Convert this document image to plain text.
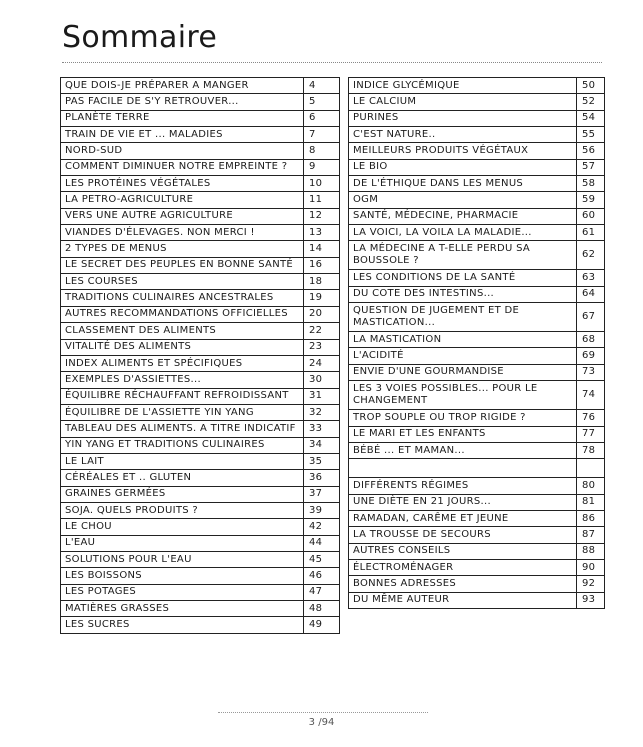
Sommaire
QUE DOIS-JE PRÉPARER A MANGER	4
PAS FACILE DE S'Y RETROUVER...	5
PLANÈTE TERRE	6
TRAIN DE VIE ET ... MALADIES	7
NORD-SUD	8
COMMENT DIMINUER NOTRE EMPREINTE ?	9
LES PROTÉINES VÉGÉTALES	10
LA PETRO-AGRICULTURE	11
VERS UNE AUTRE AGRICULTURE	12
VIANDES D'ÉLEVAGES. NON MERCI !	13
2 TYPES DE MENUS	14
LE SECRET DES PEUPLES EN BONNE SANTÉ	16
LES COURSES	18
TRADITIONS CULINAIRES ANCESTRALES	19
AUTRES RECOMMANDATIONS OFFICIELLES	20
CLASSEMENT DES ALIMENTS	22
VITALITÉ DES ALIMENTS	23
INDEX ALIMENTS ET SPÉCIFIQUES	24
EXEMPLES D'ASSIETTES...	30
ÉQUILIBRE RÉCHAUFFANT REFROIDISSANT	31
ÉQUILIBRE DE L'ASSIETTE YIN YANG	32
TABLEAU DES ALIMENTS. A TITRE INDICATIF	33
YIN YANG ET TRADITIONS CULINAIRES	34
LE LAIT	35
CÉRÉALES ET .. GLUTEN	36
GRAINES GERMÉES	37
SOJA. QUELS PRODUITS ?	39
LE CHOU	42
L'EAU	44
SOLUTIONS POUR L'EAU	45
LES BOISSONS	46
LES POTAGES	47
MATIÈRES GRASSES	48
LES SUCRES	49
INDICE GLYCÉMIQUE	50
LE CALCIUM	52
PURINES	54
C'EST NATURE..	55
MEILLEURS PRODUITS VÉGÉTAUX	56
LE BIO	57
DE L'ÉTHIQUE DANS LES MENUS	58
OGM	59
SANTÉ, MÉDECINE, PHARMACIE	60
LA VOICI, LA VOILA LA MALADIE...	61
LA MÉDECINE A T-ELLE PERDU SA BOUSSOLE ?	62
LES CONDITIONS DE LA SANTÉ	63
DU COTE DES INTESTINS...	64
QUESTION DE JUGEMENT ET DE MASTICATION...	67
LA MASTICATION	68
L'ACIDITÉ	69
ENVIE D'UNE GOURMANDISE	73
LES 3 VOIES POSSIBLES... POUR LE CHANGEMENT	74
TROP SOUPLE OU TROP RIGIDE ?	76
LE MARI ET LES ENFANTS	77
BÉBÉ ... ET MAMAN...	78

DIFFÉRENTS RÉGIMES	80
UNE DIÈTE EN 21 JOURS...	81
RAMADAN, CARÊME ET JEUNE	86
LA TROUSSE DE SECOURS	87
AUTRES CONSEILS	88
ÉLECTROMÉNAGER	90
BONNES ADRESSES	92
DU MÊME AUTEUR	93
3 /94
